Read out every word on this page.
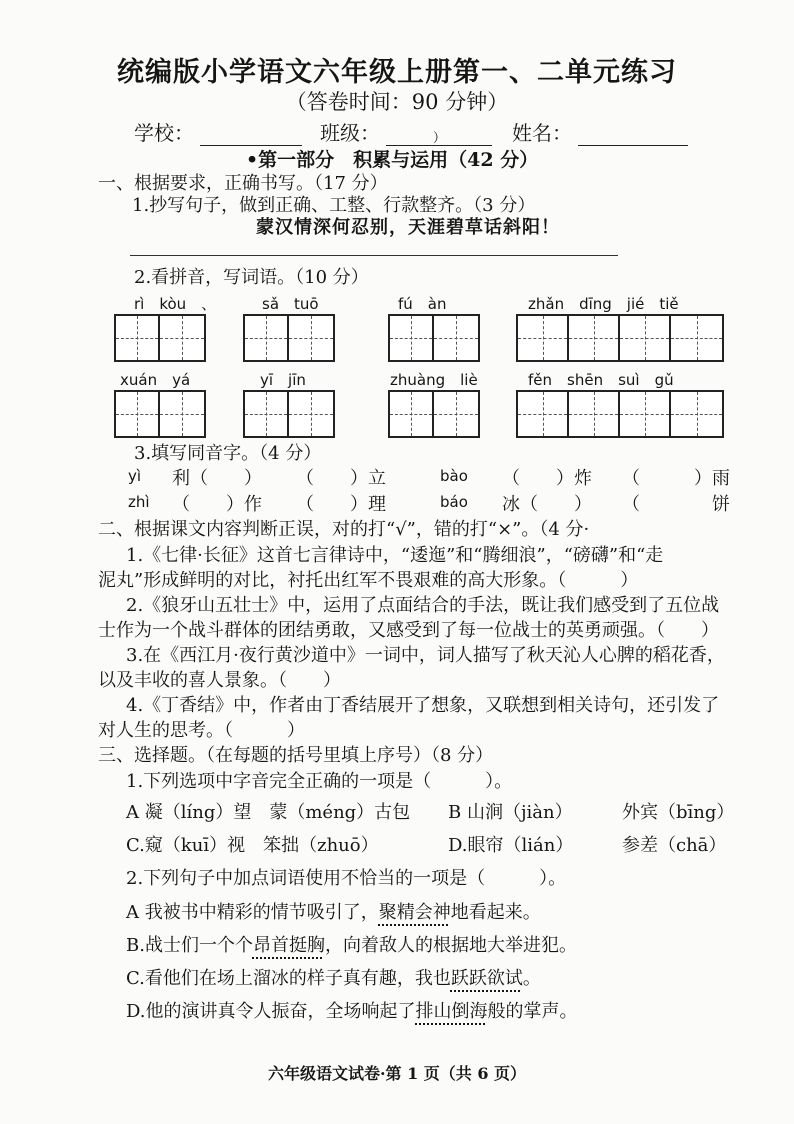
统编版小学语文六年级上册第一、二单元练习
（答卷时间：90 分钟）
学校：	班级：	）	姓名：
•第一部分　积累与运用（42 分）
一、根据要求，正确书写。（17 分）
1.抄写句子，做到正确、工整、行款整齐。（3 分）
蒙汉情深何忍别，天涯碧草话斜阳！
2.看拼音，写词语。（10 分）
rì　kòu　、	sǎ　tuō	fú　àn	zhǎn　dīng　jié　tiě
xuán　yá	yī　jīn	zhuàng　liè	fěn　shēn　suì　gǔ
3.填写同音字。（4 分）
yì 利（　　） （　　）立	bào （　　）炸 （　　　）雨
zhì （　　）作 （　　）理	báo 冰（　　） （　　　　饼
二、根据课文内容判断正误，对的打“√”，错的打“×”。（4 分·
1.《七律·长征》这首七言律诗中，“逶迤”和“腾细浪”，“磅礴”和“走
泥丸”形成鲜明的对比，衬托出红军不畏艰难的高大形象。（　　　）
2.《狼牙山五壮士》中，运用了点面结合的手法，既让我们感受到了五位战
士作为一个战斗群体的团结勇敢，又感受到了每一位战士的英勇顽强。（　　）
3.在《西江月·夜行黄沙道中》一词中，词人描写了秋天沁人心脾的稻花香，
以及丰收的喜人景象。（　　）
4.《丁香结》中，作者由丁香结展开了想象，又联想到相关诗句，还引发了
对人生的思考。（　　　）
三、选择题。（在每题的括号里填上序号）（8 分）
1.下列选项中字音完全正确的一项是（　　　）。
A 凝（líng）望　蒙（méng）古包 B 山涧（jiàn）	外宾（bīng）
C.窥（kuī）视　笨拙（zhuō）	D.眼帘（lián）	参差（chā）
2.下列句子中加点词语使用不恰当的一项是（　　　）。
A 我被书中精彩的情节吸引了，聚精会神地看起来。
B.战士们一个个昂首挺胸，向着敌人的根据地大举进犯。
C.看他们在场上溜冰的样子真有趣，我也跃跃欲试。
D.他的演讲真令人振奋，全场响起了排山倒海般的掌声。
六年级语文试卷·第 1 页（共 6 页）
